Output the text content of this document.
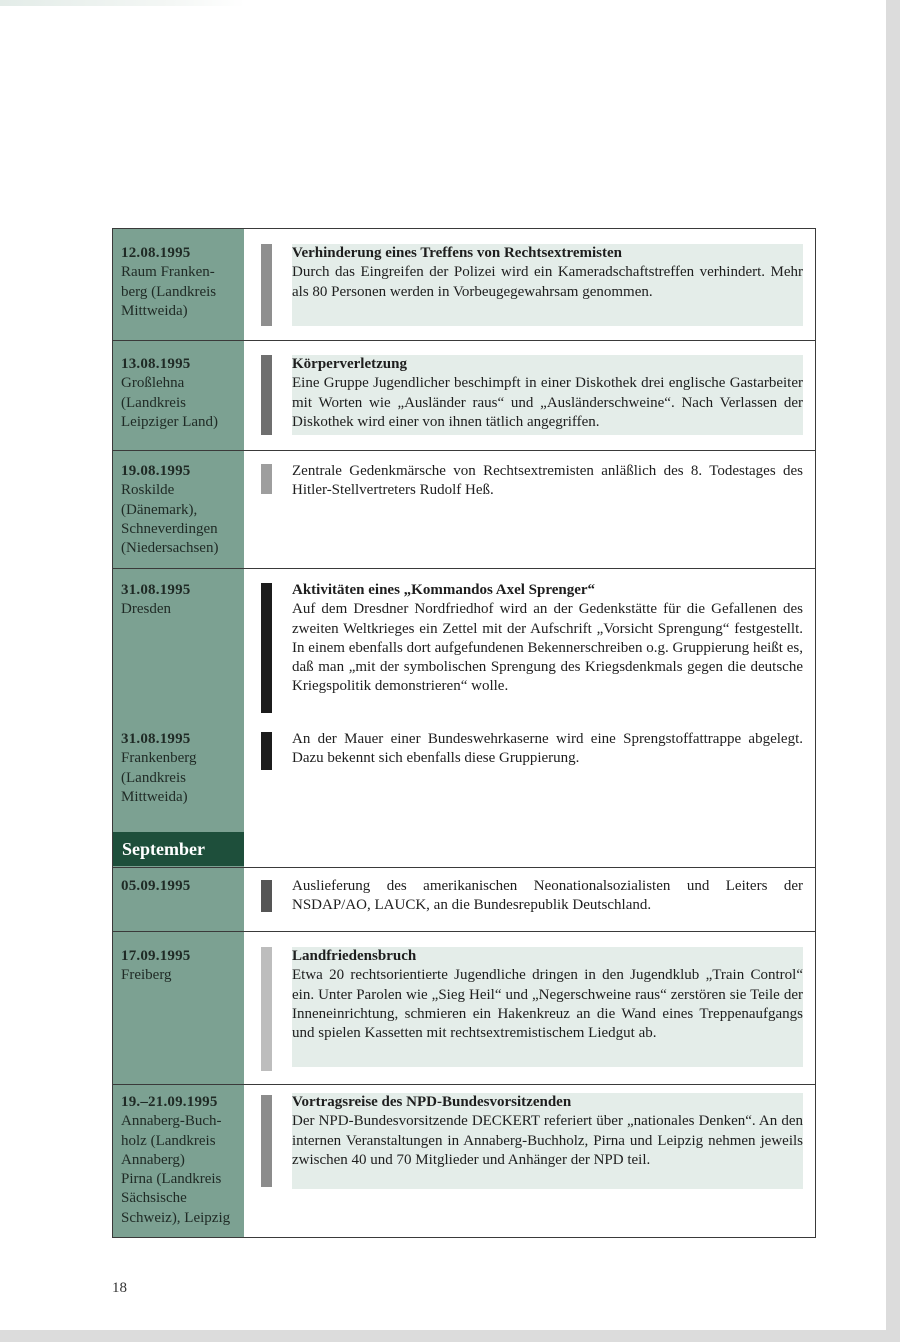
12.08.1995
Raum Franken-
berg (Landkreis
Mittweida)
Verhinderung eines Treffens von Rechtsextremisten
Durch das Eingreifen der Polizei wird ein Kameradschaftstreffen verhindert. Mehr als 80 Personen werden in Vorbeugegewahrsam genommen.
13.08.1995
Großlehna
(Landkreis
Leipziger Land)
Körperverletzung
Eine Gruppe Jugendlicher beschimpft in einer Diskothek drei englische Gastarbeiter mit Worten wie „Ausländer raus“ und „Ausländerschweine“. Nach Verlassen der Diskothek wird einer von ihnen tätlich angegriffen.
19.08.1995
Roskilde
(Dänemark),
Schneverdingen
(Niedersachsen)
Zentrale Gedenkmärsche von Rechtsextremisten anläßlich des 8. Todestages des Hitler-Stellvertreters Rudolf Heß.
31.08.1995
Dresden
Aktivitäten eines „Kommandos Axel Sprenger“
Auf dem Dresdner Nordfriedhof wird an der Gedenkstätte für die Gefallenen des zweiten Weltkrieges ein Zettel mit der Aufschrift „Vorsicht Sprengung“ festgestellt. In einem ebenfalls dort aufgefundenen Bekennerschreiben o.g. Gruppierung heißt es, daß man „mit der symbolischen Sprengung des Kriegsdenkmals gegen die deutsche Kriegspolitik demonstrieren“ wolle.
31.08.1995
Frankenberg
(Landkreis
Mittweida)
An der Mauer einer Bundeswehrkaserne wird eine Sprengstoffattrappe abgelegt. Dazu bekennt sich ebenfalls diese Gruppierung.
September
05.09.1995	Auslieferung des amerikanischen Neonationalsozialisten und Leiters der NSDAP/AO, LAUCK, an die Bundesrepublik Deutschland.
17.09.1995
Freiberg
Landfriedensbruch
Etwa 20 rechtsorientierte Jugendliche dringen in den Jugendklub „Train Control“ ein. Unter Parolen wie „Sieg Heil“ und „Negerschweine raus“ zerstören sie Teile der Inneneinrichtung, schmieren ein Hakenkreuz an die Wand eines Treppenaufgangs und spielen Kassetten mit rechtsextremistischem Liedgut ab.
19.–21.09.1995
Annaberg-Buch-
holz (Landkreis
Annaberg)
Pirna (Landkreis
Sächsische
Schweiz), Leipzig
Vortragsreise des NPD-Bundesvorsitzenden
Der NPD-Bundesvorsitzende DECKERT referiert über „nationales Denken“. An den internen Veranstaltungen in Annaberg-Buchholz, Pirna und Leipzig nehmen jeweils zwischen 40 und 70 Mitglieder und Anhänger der NPD teil.
18
